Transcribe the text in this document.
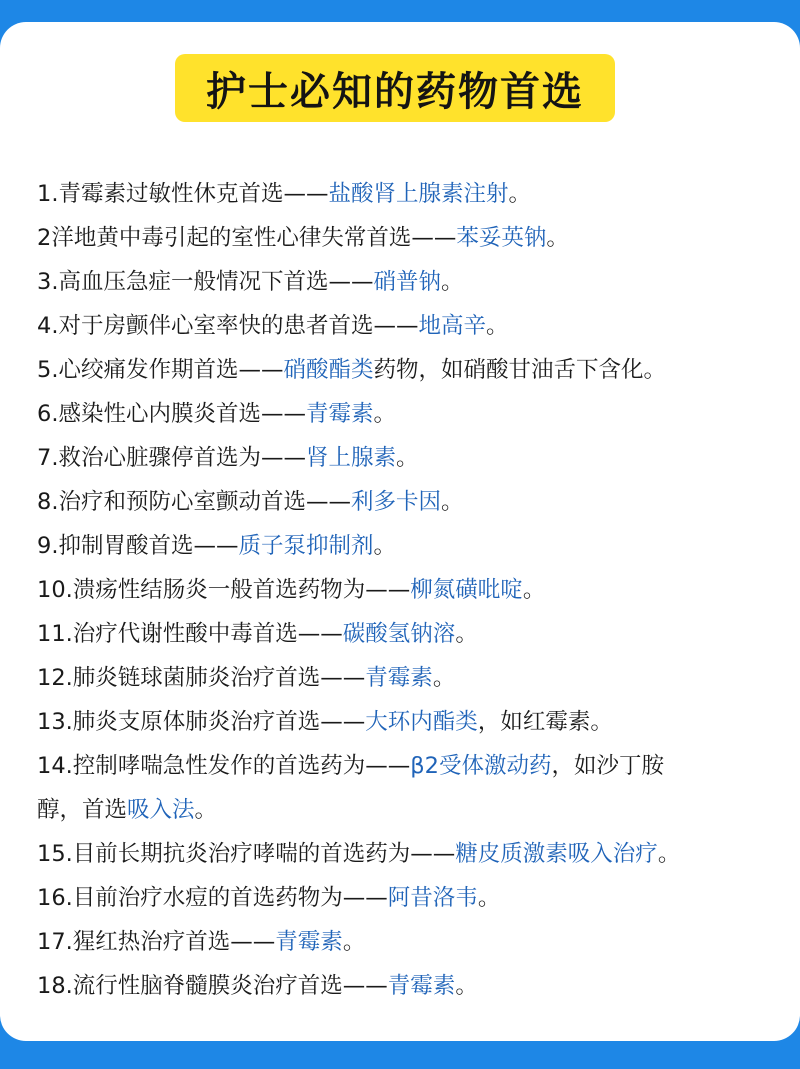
护士必知的药物首选
1.青霉素过敏性休克首选——盐酸肾上腺素注射。
2洋地黄中毒引起的室性心律失常首选——苯妥英钠。
3.高血压急症一般情况下首选——硝普钠。
4.对于房颤伴心室率快的患者首选——地高辛。
5.心绞痛发作期首选——硝酸酯类药物，如硝酸甘油舌下含化。
6.感染性心内膜炎首选——青霉素。
7.救治心脏骤停首选为——肾上腺素。
8.治疗和预防心室颤动首选——利多卡因。
9.抑制胃酸首选——质子泵抑制剂。
10.溃疡性结肠炎一般首选药物为——柳氮磺吡啶。
11.治疗代谢性酸中毒首选——碳酸氢钠溶。
12.肺炎链球菌肺炎治疗首选——青霉素。
13.肺炎支原体肺炎治疗首选——大环内酯类，如红霉素。
14.控制哮喘急性发作的首选药为——β2受体激动药，如沙丁胺
醇，首选吸入法。
15.目前长期抗炎治疗哮喘的首选药为——糖皮质激素吸入治疗。
16.目前治疗水痘的首选药物为——阿昔洛韦。
17.猩红热治疗首选——青霉素。
18.流行性脑脊髓膜炎治疗首选——青霉素。
